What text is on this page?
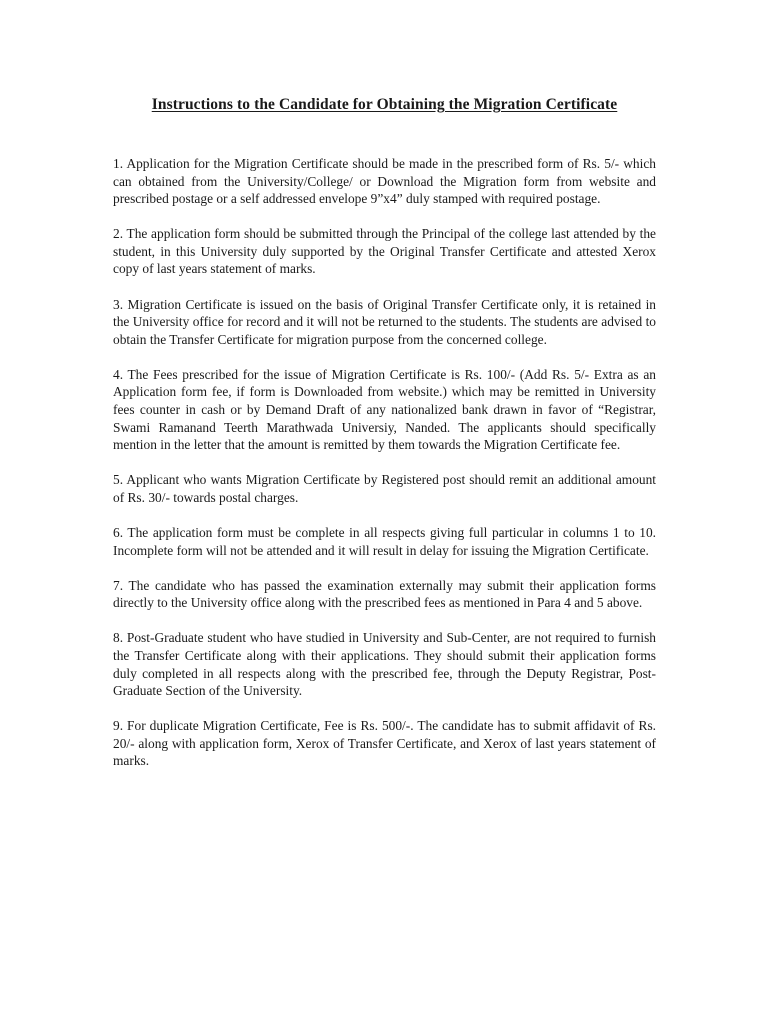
Instructions to the Candidate for Obtaining the Migration Certificate

1. Application for the Migration Certificate should be made in the prescribed form of Rs. 5/- which can obtained from the University/College/ or Download the Migration form from website and prescribed postage or a self addressed envelope 9”x4” duly stamped with required postage.

2. The application form should be submitted through the Principal of the college last attended by the student, in this University duly supported by the Original Transfer Certificate and attested Xerox copy of last years statement of marks.

3. Migration Certificate is issued on the basis of Original Transfer Certificate only, it is retained in the University office for record and it will not be returned to the students. The students are advised to obtain the Transfer Certificate for migration purpose from the concerned college.

4. The Fees prescribed for the issue of Migration Certificate is Rs. 100/- (Add Rs. 5/- Extra as an Application form fee, if form is Downloaded from website.) which may be remitted in University fees counter in cash or by Demand Draft of any nationalized bank drawn in favor of “Registrar, Swami Ramanand Teerth Marathwada Universiy, Nanded. The applicants should specifically mention in the letter that the amount is remitted by them towards the Migration Certificate fee.

5. Applicant who wants Migration Certificate by Registered post should remit an additional amount of Rs. 30/- towards postal charges.

6. The application form must be complete in all respects giving full particular in columns 1 to 10. Incomplete form will not be attended and it will result in delay for issuing the Migration Certificate.

7. The candidate who has passed the examination externally may submit their application forms directly to the University office along with the prescribed fees as mentioned in Para 4 and 5 above.

8. Post-Graduate student who have studied in University and Sub-Center, are not required to furnish the Transfer Certificate along with their applications. They should submit their application forms duly completed in all respects along with the prescribed fee, through the Deputy Registrar, Post-Graduate Section of the University.

9. For duplicate Migration Certificate, Fee is Rs. 500/-. The candidate has to submit affidavit of Rs. 20/- along with application form, Xerox of Transfer Certificate, and Xerox of last years statement of marks.
